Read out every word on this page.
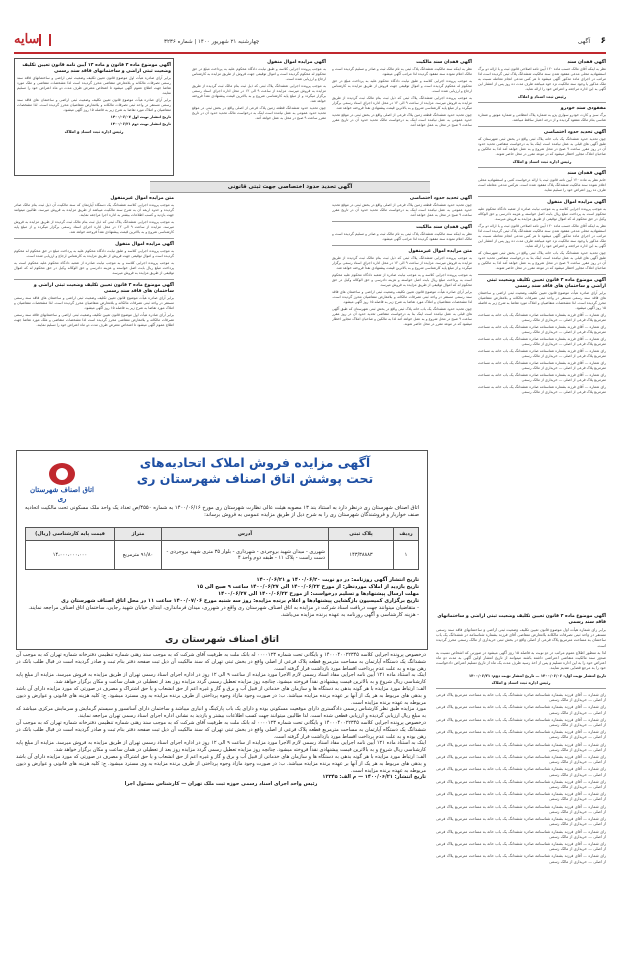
سایه	چهارشنبه ۲۱ شهریور ۱۴۰۰ | شماره ۳۲۳۶	آگهی ۶
آگهی فقدان سند

نظر به اینکه آقای مالک حسب ماده ۱۲۰ آیین نامه اصلاحی قانون ثبت و با ارائه دو برگ استشهادیه محلی مدعی مفقود شدن سند مالکیت ششدانگ پلاک ثبتی گردیده است لذا مراتب در اجرای ماده مذکور آگهی میشود تا هر کس مدعی انجام معامله نسبت به ملک مذکور یا وجود سند مالکیت نزد خود میباشد ظرف مدت ده روز پس از انتشار این آگهی به این اداره مراجعه و اعتراض خود را ارائه نماید.

رئیس ثبت اسناد و املاک
مفقودی سند خودرو

برگ سبز و کارت خودرو سواری پژو به شماره پلاک انتظامی و شماره موتور و شماره شاسی بنام مالک مفقود گردیده و از درجه اعتبار ساقط میباشد.

آگهی تحدید حدود اختصاصی

چون تحدید حدود ششدانگ یک باب خانه پلاک ثبتی واقع در بخش ثبتی شهرستان که طبق آگهی های قبلی به عمل نیامده است اینک بنا به درخواست متقاضی تحدید حدود آن در روز مقرر ساعت ۹ صبح در محل شروع و به عمل خواهد آمد لذا به مالکین و صاحبان املاک مجاور اخطار میشود که در موعد مقرر در محل حاضر شوند.

رئیس اداره ثبت اسناد و املاک
آگهی فقدان سند

خانم نظر به ماده ۱۲۰ آیین نامه قانون ثبت با ارائه درخواست کتبی و استشهادیه محلی اعلام نموده سند مالکیت ششدانگ پلاک مفقود شده است. هرکس مدعی معامله است ظرف ده روز اعتراض خود را تسلیم نماید.

آگهی مزایده اموال منقول

به موجب پرونده اجرایی کلاسه و به موجب نیابت صادره از شعبه دادگاه محکوم علیه محکوم است به پرداخت مبلغ ریال بابت اصل خواسته و هزینه دادرسی و حق الوکاله وکیل در حق محکوم له که اموال توقیفی از طریق مزایده به فروش میرسد.

نظر به اینکه آقای مالک حسب ماده ۱۲۰ آیین نامه اصلاحی قانون ثبت و با ارائه دو برگ استشهادیه محلی مدعی مفقود شدن سند مالکیت ششدانگ پلاک ثبتی گردیده است لذا مراتب در اجرای ماده مذکور آگهی میشود تا هر کس مدعی انجام معامله نسبت به ملک مذکور یا وجود سند مالکیت نزد خود میباشد ظرف مدت ده روز پس از انتشار این آگهی به این اداره مراجعه و اعتراض خود را ارائه نماید.

چون تحدید حدود ششدانگ یک باب خانه پلاک ثبتی واقع در بخش ثبتی شهرستان که طبق آگهی های قبلی به عمل نیامده است اینک بنا به درخواست متقاضی تحدید حدود آن در روز مقرر ساعت ۹ صبح در محل شروع و به عمل خواهد آمد لذا به مالکین و صاحبان املاک مجاور اخطار میشود که در موعد مقرر در محل حاضر شوند.

آگهی موضوع ماده ۳ قانون تعیین تکلیف وضعیت ثبتی اراضی و ساختمان های فاقد سند رسمی

برابر آرای صادره هیأت موضوع قانون تعیین تکلیف وضعیت ثبتی اراضی و ساختمان های فاقد سند رسمی مستقر در واحد ثبتی تصرفات مالکانه و بلامعارض متقاضیان محرز گردیده است. لذا مشخصات متقاضیان و املاک مورد تقاضا به شرح زیر به فاصله ۱۵ روز آگهی میشود.

رای شماره — آقای فرزند بشماره شناسنامه صادره ششدانگ یک باب خانه به مساحت مترمربع پلاک فرعی از اصلی — خریداری از مالک رسمی

رای شماره — آقای فرزند بشماره شناسنامه صادره ششدانگ یک باب خانه به مساحت مترمربع پلاک فرعی از اصلی — خریداری از مالک رسمی

رای شماره — آقای فرزند بشماره شناسنامه صادره ششدانگ یک باب خانه به مساحت مترمربع پلاک فرعی از اصلی — خریداری از مالک رسمی

رای شماره — آقای فرزند بشماره شناسنامه صادره ششدانگ یک باب خانه به مساحت مترمربع پلاک فرعی از اصلی — خریداری از مالک رسمی

رای شماره — آقای فرزند بشماره شناسنامه صادره ششدانگ یک باب خانه به مساحت مترمربع پلاک فرعی از اصلی — خریداری از مالک رسمی

رای شماره — آقای فرزند بشماره شناسنامه صادره ششدانگ یک باب خانه به مساحت مترمربع پلاک فرعی از اصلی — خریداری از مالک رسمی

رای شماره — آقای فرزند بشماره شناسنامه صادره ششدانگ یک باب خانه به مساحت مترمربع پلاک فرعی از اصلی — خریداری از مالک رسمی

آگهی فقدان سند مالکیت

نظر به اینکه سند مالکیت ششدانگ پلاک ثبتی به نام مالک ثبت و صادر و تسلیم گردیده است و مالک اعلام نموده سند مفقود گردیده لذا مراتب آگهی میشود.

به موجب پرونده اجرایی کلاسه و طبق نیابت دادگاه محکوم علیه به پرداخت مبلغ در حق محکوم له محکوم گردیده است و اموال توقیفی جهت فروش از طریق مزایده به کارشناس ارجاع و ارزیابی شده است.

به موجب پرونده اجرایی ششدانگ پلاک ثبتی که ذیل ثبت بنام مالک ثبت گردیده از طریق مزایده به فروش میرسد. مزایده از ساعت ۹ الی ۱۲ در محل اداره اجرای اسناد رسمی برگزار میگردد و از مبلغ پایه کارشناسی شروع و به بالاترین قیمت پیشنهادی نقداً فروخته خواهد شد.

چون تحدید حدود ششدانگ قطعه زمین پلاک فرعی از اصلی واقع در بخش ثبتی در موقع تحدید حدود عمومی به عمل نیامده است اینک به درخواست مالک تحدید حدود آن در تاریخ مقرر ساعت ۹ صبح در محل به عمل خواهد آمد.

آگهی مزایده اموال منقول

به موجب پرونده اجرایی کلاسه و طبق نیابت دادگاه محکوم علیه به پرداخت مبلغ در حق محکوم له محکوم گردیده است و اموال توقیفی جهت فروش از طریق مزایده به کارشناس ارجاع و ارزیابی شده است.

به موجب پرونده اجرایی ششدانگ پلاک ثبتی که ذیل ثبت بنام مالک ثبت گردیده از طریق مزایده به فروش میرسد. مزایده از ساعت ۹ الی ۱۲ در محل اداره اجرای اسناد رسمی برگزار میگردد و از مبلغ پایه کارشناسی شروع و به بالاترین قیمت پیشنهادی نقداً فروخته خواهد شد.

چون تحدید حدود ششدانگ قطعه زمین پلاک فرعی از اصلی واقع در بخش ثبتی در موقع تحدید حدود عمومی به عمل نیامده است اینک به درخواست مالک تحدید حدود آن در تاریخ مقرر ساعت ۹ صبح در محل به عمل خواهد آمد.

آگهی موضوع ماده ۳ قانون و ماده ۱۳ آیین نامه قانون تعیین تکلیف وضعیت ثبتی اراضی و ساختمانهای فاقد سند رسمی

برابر آرای صادره هیأت اول موضوع قانون تعیین تکلیف وضعیت ثبتی اراضی و ساختمانهای فاقد سند رسمی تصرفات مالکانه و بلامعارض متقاضی محرز گردیده است لذا مشخصات متقاضی و ملک مورد تقاضا جهت اطلاع عموم آگهی میشود تا اشخاص معترض ظرف مدت دو ماه اعتراض خود را تسلیم نمایند.

برابر آرای صادره هیأت موضوع قانون تعیین تکلیف وضعیت ثبتی اراضی و ساختمان های فاقد سند رسمی مستقر در واحد ثبتی تصرفات مالکانه و بلامعارض متقاضیان محرز گردیده است. لذا مشخصات متقاضیان و املاک مورد تقاضا به شرح زیر به فاصله ۱۵ روز آگهی میشود.

تاریخ انتشار نوبت اول ۱۴۰۰/۰۶/۰۷

تاریخ انتشار نوبت دوم ۱۴۰۰/۰۶/۲۱

رئیس اداره ثبت اسناد و املاک
آگهی تحدید حدود اختصاصی جهت ثبتی قانونی
آگهی تحدید حدود اختصاصی

چون تحدید حدود ششدانگ قطعه زمین پلاک فرعی از اصلی واقع در بخش ثبتی در موقع تحدید حدود عمومی به عمل نیامده است اینک به درخواست مالک تحدید حدود آن در تاریخ مقرر ساعت ۹ صبح در محل به عمل خواهد آمد.

آگهی فقدان سند مالکیت

نظر به اینکه سند مالکیت ششدانگ پلاک ثبتی به نام مالک ثبت و صادر و تسلیم گردیده است و مالک اعلام نموده سند مفقود گردیده لذا مراتب آگهی میشود.

متن مزایده اموال غیرمنقول

به موجب پرونده اجرایی ششدانگ پلاک ثبتی که ذیل ثبت بنام مالک ثبت گردیده از طریق مزایده به فروش میرسد. مزایده از ساعت ۹ الی ۱۲ در محل اداره اجرای اسناد رسمی برگزار میگردد و از مبلغ پایه کارشناسی شروع و به بالاترین قیمت پیشنهادی نقداً فروخته خواهد شد.

به موجب پرونده اجرایی کلاسه و به موجب نیابت صادره از شعبه دادگاه محکوم علیه محکوم است به پرداخت مبلغ ریال بابت اصل خواسته و هزینه دادرسی و حق الوکاله وکیل در حق محکوم له که اموال توقیفی از طریق مزایده به فروش میرسد.

برابر آرای صادره هیأت موضوع قانون تعیین تکلیف وضعیت ثبتی اراضی و ساختمان های فاقد سند رسمی مستقر در واحد ثبتی تصرفات مالکانه و بلامعارض متقاضیان محرز گردیده است. لذا مشخصات متقاضیان و املاک مورد تقاضا به شرح زیر به فاصله ۱۵ روز آگهی میشود.

چون تحدید حدود ششدانگ یک باب خانه پلاک ثبتی واقع در بخش ثبتی شهرستان که طبق آگهی های قبلی به عمل نیامده است اینک بنا به درخواست متقاضی تحدید حدود آن در روز مقرر ساعت ۹ صبح در محل شروع و به عمل خواهد آمد لذا به مالکین و صاحبان املاک مجاور اخطار میشود که در موعد مقرر در محل حاضر شوند.

متن مزایده اموال غیرمنقول

به موجب پرونده اجرایی کلاسه ششدانگ یک دستگاه آپارتمان که سند مالکیت آن ذیل ثبت بنام مالک صادر گردیده و حدود اربعه آن به شرح سند مالکیت میباشد از طریق مزایده به فروش میرسد. طالبین میتوانند جهت بازدید و کسب اطلاعات بیشتر به اداره اجرا مراجعه نمایند.

به موجب پرونده اجرایی ششدانگ پلاک ثبتی که ذیل ثبت بنام مالک ثبت گردیده از طریق مزایده به فروش میرسد. مزایده از ساعت ۹ الی ۱۲ در محل اداره اجرای اسناد رسمی برگزار میگردد و از مبلغ پایه کارشناسی شروع و به بالاترین قیمت پیشنهادی نقداً فروخته خواهد شد.

آگهی مزایده اموال منقول

به موجب پرونده اجرایی کلاسه و طبق نیابت دادگاه محکوم علیه به پرداخت مبلغ در حق محکوم له محکوم گردیده است و اموال توقیفی جهت فروش از طریق مزایده به کارشناس ارجاع و ارزیابی شده است.

به موجب پرونده اجرایی کلاسه و به موجب نیابت صادره از شعبه دادگاه محکوم علیه محکوم است به پرداخت مبلغ ریال بابت اصل خواسته و هزینه دادرسی و حق الوکاله وکیل در حق محکوم له که اموال توقیفی از طریق مزایده به فروش میرسد.

آگهی موضوع ماده ۳ قانون تعیین تکلیف وضعیت ثبتی اراضی و ساختمان های فاقد سند رسمی

برابر آرای صادره هیأت موضوع قانون تعیین تکلیف وضعیت ثبتی اراضی و ساختمان های فاقد سند رسمی مستقر در واحد ثبتی تصرفات مالکانه و بلامعارض متقاضیان محرز گردیده است. لذا مشخصات متقاضیان و املاک مورد تقاضا به شرح زیر به فاصله ۱۵ روز آگهی میشود.

برابر آرای صادره هیأت اول موضوع قانون تعیین تکلیف وضعیت ثبتی اراضی و ساختمانهای فاقد سند رسمی تصرفات مالکانه و بلامعارض متقاضی محرز گردیده است لذا مشخصات متقاضی و ملک مورد تقاضا جهت اطلاع عموم آگهی میشود تا اشخاص معترض ظرف مدت دو ماه اعتراض خود را تسلیم نمایند.

اتاق اصناف شهرستان ری
آگهی مزایده فروش املاک اتحادیه‌های
تحت پوشش اتاق اصناف شهرستان ری
اتاق اصناف شهرستان ری درنظر دارد به استناد بند ۱۳ مصوبه هیئت عالی نظارت شهرستان ری مورخ ۱۴۰۰/۰۶/۱۶ به شماره ۴۵۵۰/ص تعداد یک واحد ملک مسکونی تحت مالکیت اتحادیه صنف خواربار و فروشندگان شهرستان ری را به شرح ذیل از طریق مزایده عمومی به فروش برساند:
ردیف	پلاک ثبتی	آدرس	متراژ	قیمت پایه کارشناسی (ریال)
۱	۱۴۳/۳۸۸۸۳	شهرری - میدان شهید بروجردی - شهرداری - بلوار ۳۵ متری شهید بروجردی - دست راست - پلاک ۱۱ - طبقه دوم واحد ۴	۹۱/۸۰ مترمربع	۱۴،۰۰۰،۰۰۰،۰۰۰

تاریخ انتشار آگهی روزنامه: در دو نوبت ۱۴۰۰/۰۶/۲۰ و ۱۴۰۰/۰۶/۲۱

تاریخ بازدید از املاک موردنظر: از مورخ ۱۴۰۰/۰۶/۲۲ الی ۱۴۰۰/۰۶/۲۷ ساعت ۹ صبح الی ۱۵

مهلت ارسال پیشنهادها و تسلیم درخواست: از مورخ ۱۴۰۰/۰۶/۲۲ الی ۱۴۰۰/۰۶/۲۷

تاریخ برگزاری کمیسیون بازگشایی پیشنهادها و اعلام برنده مزایده: روز سه شنبه مورخ ۱۴۰۰/۰۷/۰۶ ساعت ۱۱ در محل اتاق اصناف شهرستان ری

- متقاضیان میتوانند جهت دریافت اسناد شرکت در مزایده به اتاق اصناف شهرستان ری واقع در شهرری، میدان فرمانداری، ابتدای خیابان شهید رجایی، ساختمان اتاق اصناف مراجعه نمایند.

- هزینه کارشناسی و آگهی روزنامه به عهده برنده مزایده می‌باشد.

اتاق اصناف شهرستان ری

درخصوص پرونده اجرایی کلاسه ۱۴۰۰۰۴۰۰۲۲۳۴۵ و بایگانی تحت شماره ۰۰۰۰۱۲۳ له بانک ملت به طرفیت آقای شرکت که به موجب سند رهنی شماره تنظیمی دفترخانه شماره تهران که به موجب آن ششدانگ یک دستگاه آپارتمان به مساحت مترمربع قطعه پلاک فرعی از اصلی واقع در بخش ثبتی تهران که سند مالکیت آن ذیل ثبت صفحه دفتر بنام ثبت و صادر گردیده است در قبال طلب بانک در رهن بوده و به علت عدم پرداخت اقساط مورد بازداشت قرار گرفته است.

اینک به استناد ماده ۱۲۱ آیین نامه اجرایی مفاد اسناد رسمی لازم الاجرا مورد مزایده از ساعت ۹ الی ۱۲ روز در اداره اجرای اسناد رسمی تهران از طریق مزایده به فروش میرسد. مزایده از مبلغ پایه کارشناسی ریال شروع و به بالاترین قیمت پیشنهادی نقداً فروخته میشود. چنانچه روز مزایده تعطیل رسمی گردد مزایده روز بعد از تعطیلی در همان ساعت و مکان برگزار خواهد شد.

الف: ارتباط مورد مزایده با هر گونه بدهی به دستگاه ها و سازمان های خدماتی از قبیل آب و برق و گاز و غیره اعم از حق انشعاب و یا حق اشتراک و مصرف در صورتی که مورد مزایده دارای آن باشد و بدهی های مربوط به هر یک از آنها بر عهده برنده مزایده میباشد. ب: در صورت وجود مازاد وجوه پرداختی از طرف برنده مزایده به وی مسترد میشود. ج: کلیه هزینه های قانونی و عوارض و دیون مربوطه به عهده برنده مزایده است.

مورد مزایده طبق نظر کارشناس رسمی دادگستری دارای موقعیت مسکونی بوده و دارای یک باب پارکینگ و انباری میباشد و ساختمان دارای آسانسور و سیستم گرمایش و سرمایش مرکزی میباشد که به مبلغ ریال ارزیابی گردیده و ارزیابی قطعی شده است. لذا طالبین میتوانند جهت کسب اطلاعات بیشتر و بازدید به نشانی اداره اجرای اسناد رسمی تهران مراجعه نمایند.

درخصوص پرونده اجرایی کلاسه ۱۴۰۰۰۴۰۰۲۲۳۴۵ و بایگانی تحت شماره ۰۰۰۰۱۲۳ له بانک ملت به طرفیت آقای شرکت که به موجب سند رهنی شماره تنظیمی دفترخانه شماره تهران که به موجب آن ششدانگ یک دستگاه آپارتمان به مساحت مترمربع قطعه پلاک فرعی از اصلی واقع در بخش ثبتی تهران که سند مالکیت آن ذیل ثبت صفحه دفتر بنام ثبت و صادر گردیده است در قبال طلب بانک در رهن بوده و به علت عدم پرداخت اقساط مورد بازداشت قرار گرفته است.

اینک به استناد ماده ۱۲۱ آیین نامه اجرایی مفاد اسناد رسمی لازم الاجرا مورد مزایده از ساعت ۹ الی ۱۲ روز در اداره اجرای اسناد رسمی تهران از طریق مزایده به فروش میرسد. مزایده از مبلغ پایه کارشناسی ریال شروع و به بالاترین قیمت پیشنهادی نقداً فروخته میشود. چنانچه روز مزایده تعطیل رسمی گردد مزایده روز بعد از تعطیلی در همان ساعت و مکان برگزار خواهد شد.

الف: ارتباط مورد مزایده با هر گونه بدهی به دستگاه ها و سازمان های خدماتی از قبیل آب و برق و گاز و غیره اعم از حق انشعاب و یا حق اشتراک و مصرف در صورتی که مورد مزایده دارای آن باشد و بدهی های مربوط به هر یک از آنها بر عهده برنده مزایده میباشد. ب: در صورت وجود مازاد وجوه پرداختی از طرف برنده مزایده به وی مسترد میشود. ج: کلیه هزینه های قانونی و عوارض و دیون مربوطه به عهده برنده مزایده است.

تاریخ انتشار: ۱۴۰۰/۰۶/۲۱ — م الف: ۱۲۳۴۵

رئیس واحد اجرای اسناد رسمی حوزه ثبت ملک تهران — کارشناس مسئول اجرا

آگهی موضوع ماده ۳ قانون تعیین تکلیف وضعیت ثبتی اراضی و ساختمانهای فاقد سند رسمی

برابر رای شماره هیأت اول موضوع قانون تعیین تکلیف وضعیت ثبتی اراضی و ساختمانهای فاقد سند رسمی مستقر در واحد ثبتی تصرفات مالکانه بلامعارض متقاضی آقای فرزند بشماره شناسنامه در ششدانگ یک باب ساختمان به مساحت مترمربع پلاک فرعی از اصلی واقع در بخش ثبتی خریداری از مالک رسمی محرز گردیده است.

لذا به منظور اطلاع عموم مراتب در دو نوبت به فاصله ۱۵ روز آگهی میشود در صورتی که اشخاص نسبت به صدور سند مالکیت متقاضی اعتراضی داشته باشند میتوانند از تاریخ انتشار اولین آگهی به مدت دو ماه اعتراض خود را به این اداره تسلیم و پس از اخذ رسید ظرف مدت یک ماه از تاریخ تسلیم اعتراض دادخواست خود را به مرجع قضایی تقدیم نمایند.

تاریخ انتشار نوبت اول: ۱۴۰۰/۰۶/۰۶ — تاریخ انتشار نوبت دوم: ۱۴۰۰/۰۶/۲۱

رئیس اداره ثبت اسناد و املاک

رای شماره — آقای فرزند بشماره شناسنامه صادره ششدانگ یک باب خانه به مساحت مترمربع پلاک فرعی از اصلی — خریداری از مالک رسمی

رای شماره — آقای فرزند بشماره شناسنامه صادره ششدانگ یک باب خانه به مساحت مترمربع پلاک فرعی از اصلی — خریداری از مالک رسمی

رای شماره — آقای فرزند بشماره شناسنامه صادره ششدانگ یک باب خانه به مساحت مترمربع پلاک فرعی از اصلی — خریداری از مالک رسمی

رای شماره — آقای فرزند بشماره شناسنامه صادره ششدانگ یک باب خانه به مساحت مترمربع پلاک فرعی از اصلی — خریداری از مالک رسمی

رای شماره — آقای فرزند بشماره شناسنامه صادره ششدانگ یک باب خانه به مساحت مترمربع پلاک فرعی از اصلی — خریداری از مالک رسمی

رای شماره — آقای فرزند بشماره شناسنامه صادره ششدانگ یک باب خانه به مساحت مترمربع پلاک فرعی از اصلی — خریداری از مالک رسمی

رای شماره — آقای فرزند بشماره شناسنامه صادره ششدانگ یک باب خانه به مساحت مترمربع پلاک فرعی از اصلی — خریداری از مالک رسمی

رای شماره — آقای فرزند بشماره شناسنامه صادره ششدانگ یک باب خانه به مساحت مترمربع پلاک فرعی از اصلی — خریداری از مالک رسمی

رای شماره — آقای فرزند بشماره شناسنامه صادره ششدانگ یک باب خانه به مساحت مترمربع پلاک فرعی از اصلی — خریداری از مالک رسمی

رای شماره — آقای فرزند بشماره شناسنامه صادره ششدانگ یک باب خانه به مساحت مترمربع پلاک فرعی از اصلی — خریداری از مالک رسمی

رای شماره — آقای فرزند بشماره شناسنامه صادره ششدانگ یک باب خانه به مساحت مترمربع پلاک فرعی از اصلی — خریداری از مالک رسمی

رای شماره — آقای فرزند بشماره شناسنامه صادره ششدانگ یک باب خانه به مساحت مترمربع پلاک فرعی از اصلی — خریداری از مالک رسمی

رای شماره — آقای فرزند بشماره شناسنامه صادره ششدانگ یک باب خانه به مساحت مترمربع پلاک فرعی از اصلی — خریداری از مالک رسمی

رای شماره — آقای فرزند بشماره شناسنامه صادره ششدانگ یک باب خانه به مساحت مترمربع پلاک فرعی از اصلی — خریداری از مالک رسمی
